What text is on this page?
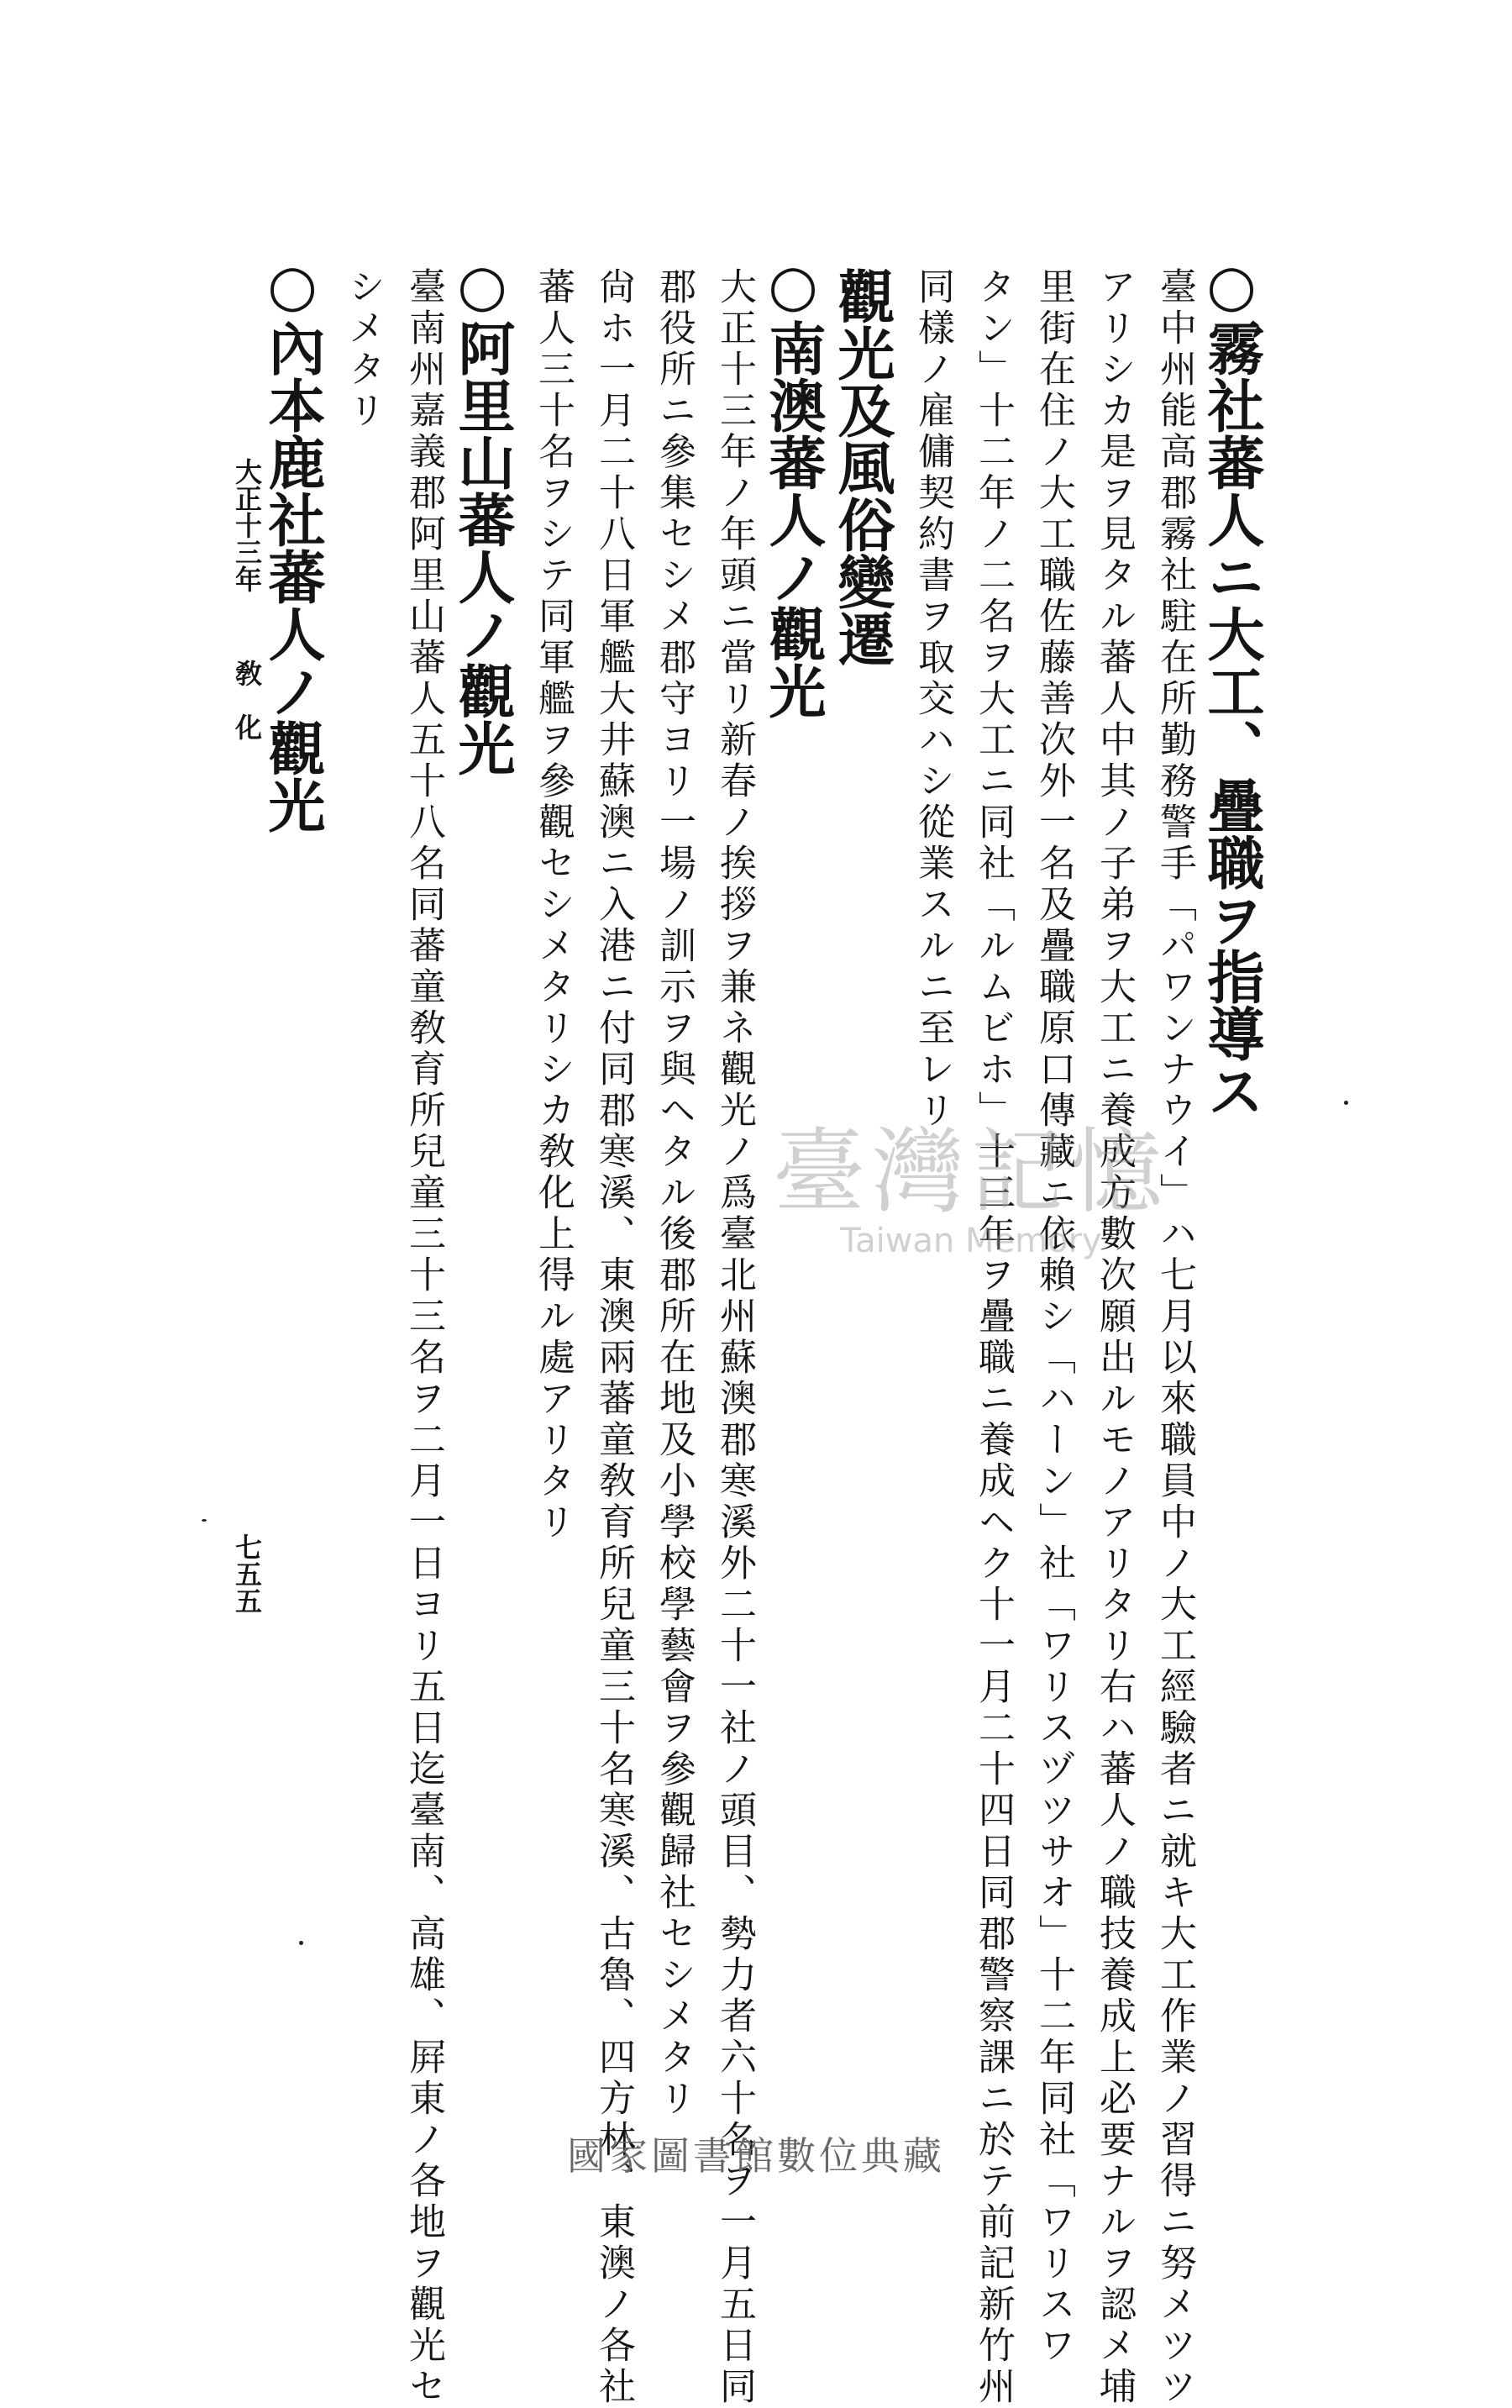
○霧社蕃人ニ大工、疊職ヲ指導ス
臺中州能高郡霧社駐在所勤務警手「パワンナウイ」ハ七月以來職員中ノ大工經驗者ニ就キ大工作業ノ習得ニ努メツツ
アリシカ是ヲ見タル蕃人中其ノ子弟ヲ大工ニ養成方數次願出ルモノアリタリ右ハ蕃人ノ職技養成上必要ナルヲ認メ埔
里街在住ノ大工職佐藤善次外一名及疊職原口傳藏ニ依賴シ「ハーン」社「ワリスヅツサオ」十二年同社「ワリスワ
タン」十二年ノ二名ヲ大工ニ同社「ルムビホ」十三年ヲ疊職ニ養成ヘク十一月二十四日同郡警察課ニ於テ前記新竹州
同樣ノ雇傭契約書ヲ取交ハシ從業スルニ至レリ
觀光及風俗變遷
○南澳蕃人ノ觀光
大正十三年ノ年頭ニ當リ新春ノ挨拶ヲ兼ネ觀光ノ爲臺北州蘇澳郡寒溪外二十一社ノ頭目、勢力者六十名ヲ一月五日同
郡役所ニ參集セシメ郡守ヨリ一場ノ訓示ヲ與ヘタル後郡所在地及小學校學藝會ヲ參觀歸社セシメタリ
尙ホ一月二十八日軍艦大井蘇澳ニ入港ニ付同郡寒溪、東澳兩蕃童敎育所兒童三十名寒溪、古魯、四方林、東澳ノ各社
蕃人三十名ヲシテ同軍艦ヲ參觀セシメタリシカ敎化上得ル處アリタリ
○阿里山蕃人ノ觀光
臺南州嘉義郡阿里山蕃人五十八名同蕃童敎育所兒童三十三名ヲ二月一日ヨリ五日迄臺南、高雄、屛東ノ各地ヲ觀光セ
シメタリ
○內本鹿社蕃人ノ觀光
大正十三年
敎　化
七五五
臺灣記憶
Taiwan Memory
國家圖書館數位典藏
